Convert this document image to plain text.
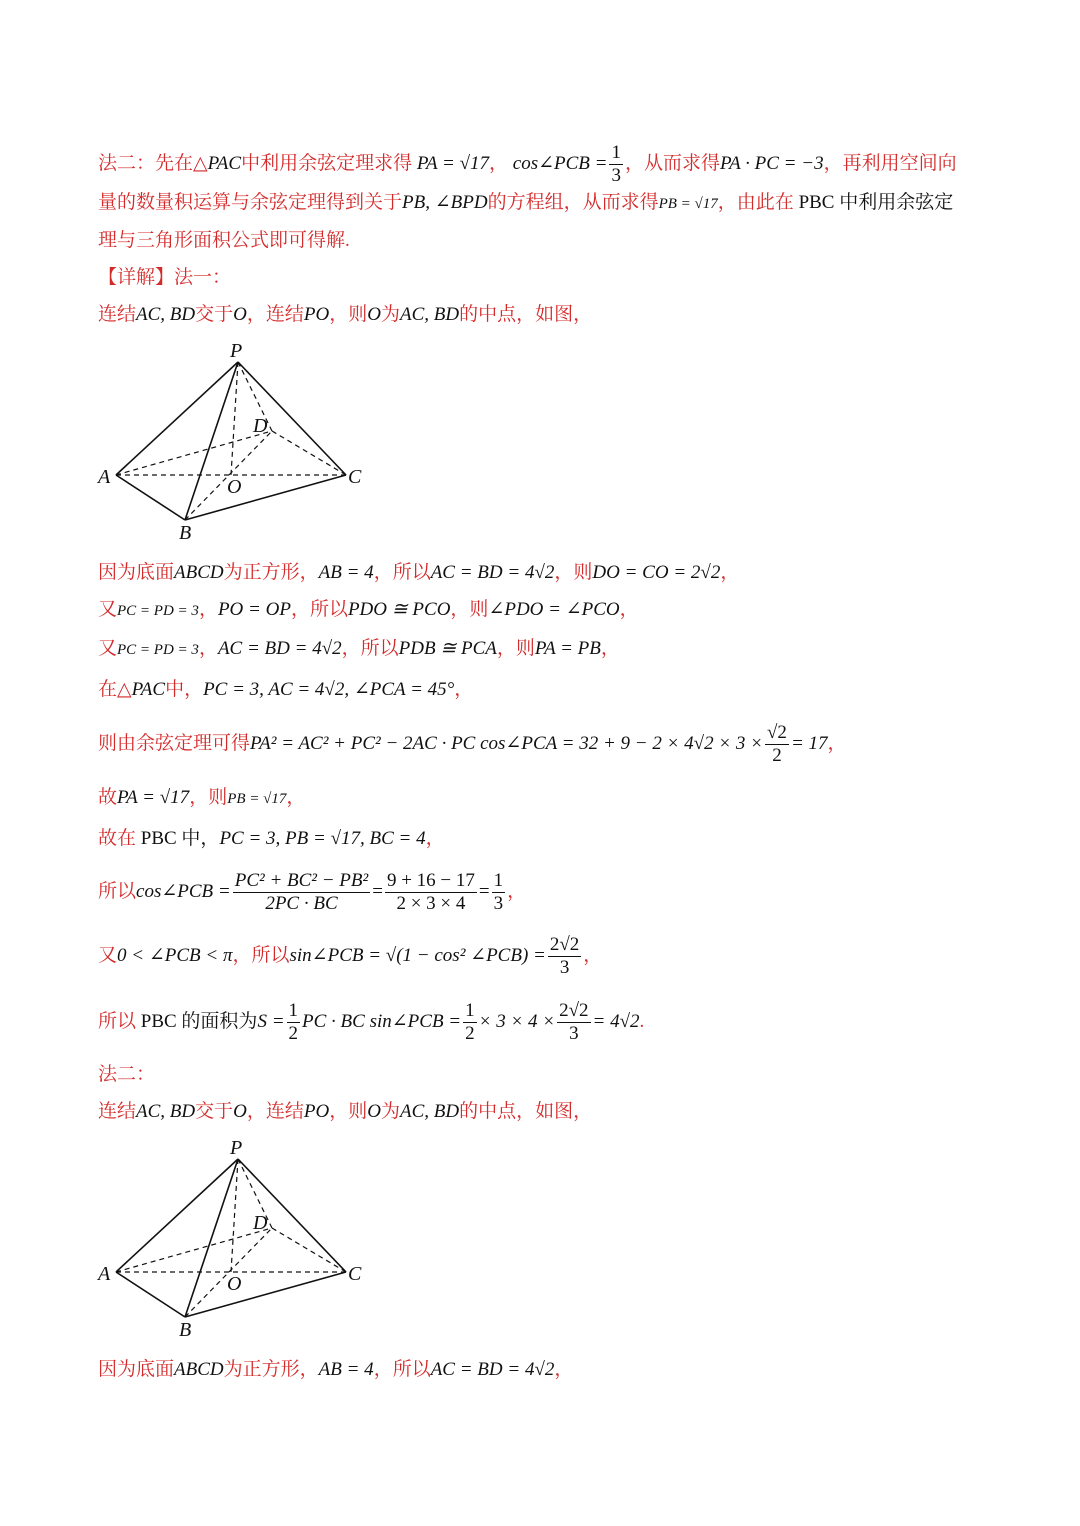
法二：先在△PAC中利用余弦定理求得 PA = √17， cos∠PCB = $\frac{1}{3}$ ，从而求得PA · PC = −3，再利用空间向
量的数量积运算与余弦定理得到关于PB, ∠BPD的方程组，从而求得PB = √17，由此在 PBC 中利用余弦定
理与三角形面积公式即可得解.
【详解】法一：
连结AC, BD交于O，连结PO，则O为AC, BD的中点，如图，
P
A
B
C
D
O
因为底面ABCD为正方形，AB = 4，所以AC = BD = 4√2，则DO = CO = 2√2，
又PC = PD = 3，PO = OP，所以PDO ≅ PCO，则∠PDO = ∠PCO，
又PC = PD = 3，AC = BD = 4√2，所以PDB ≅ PCA，则PA = PB，
在△PAC中，PC = 3, AC = 4√2, ∠PCA = 45°，
则由余弦定理可得PA² = AC² + PC² − 2AC · PC cos∠PCA = $32 + 9 - 2 \times 4√2 \times 3 \times \frac{√2}{2} = 17$，
故PA = √17，则PB = √17，
故在 PBC 中，PC = 3, PB = √17, BC = 4，
所以cos∠PCB = $\frac{\text{PC² + BC² − PB²}}{2PC \cdot BC} = \frac{9 + 16 - 17}{2 \times 3 \times 4} = \frac{1}{3}$ ，
又0 < ∠PCB < π，所以sin∠PCB = √(1 − cos² ∠PCB) = $\frac{2√2}{3}$ ，
所以 PBC 的面积为$S = \frac{1}{2}$ PC · BC sin∠PCB = $\frac{1}{2} \times 3 \times 4 \times \frac{2√2}{3} = 4√2$.
法二：
连结AC, BD交于O，连结PO，则O为AC, BD的中点，如图，
P
A
B
C
D
O
因为底面ABCD为正方形，AB = 4，所以AC = BD = 4√2，
